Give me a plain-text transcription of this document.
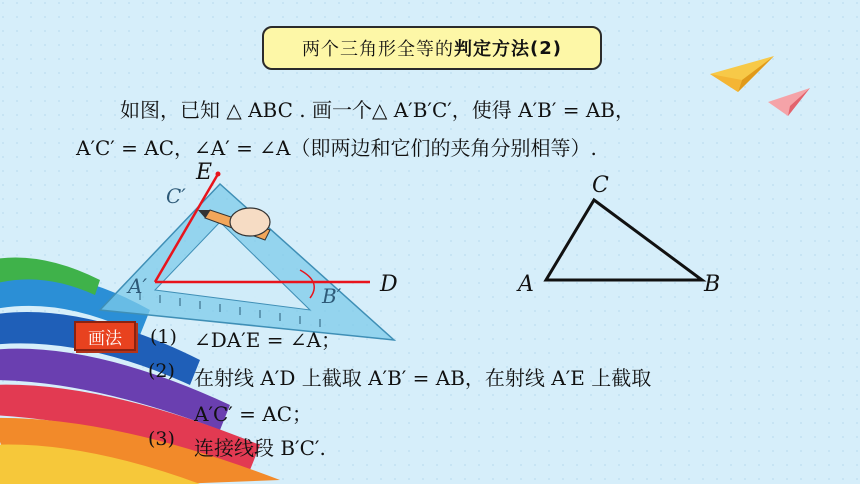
两个三角形全等的 判定方法 (2)
如图，已知 △ ABC . 画一个△ A′B′C′，使得 A′B′ = AB，
A′C′ = AC，∠A′ = ∠A（即两边和它们的夹角分别相等）.
E
C′
A′	B′ D
C
A	B
画法	(1) ∠DA′E = ∠A；
(2) 在射线 A′D 上截取 A′B′ = AB，在射线 A′E 上截取
A′C′ = AC；
(3) 连接线段 B′C′.
